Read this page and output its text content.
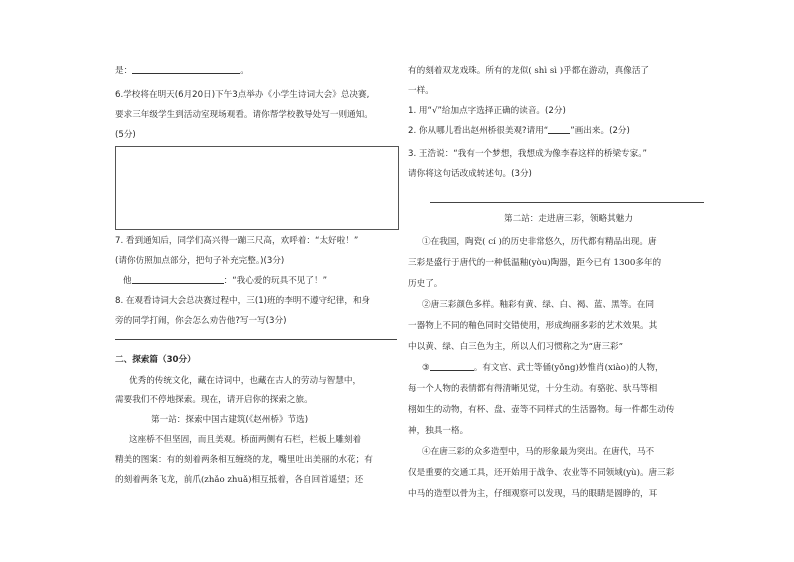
是：	。
6.学校将在明天(6月20日)下午3点举办《小学生诗词大会》总决赛,
要求三年级学生到活动室现场观看。请你帮学校教导处写一则通知。
(5分)
7. 看到通知后，同学们高兴得一蹦三尺高，欢呼着：“太好啦！”
(请你仿照加点部分，把句子补充完整。)(3分)
他	：“我心爱的玩具不见了！”
8. 在观看诗词大会总决赛过程中，三(1)班的李明不遵守纪律，和身
旁的同学打闹，你会怎么劝告他?写一写(3分)
二、探索篇（30分）
优秀的传统文化，藏在诗词中，也藏在古人的劳动与智慧中，
需要我们不停地探索。现在，请开启你的探索之旅。
第一站：探索中国古建筑(《赵州桥》节选)
这座桥不但坚固，而且美观。桥面两侧有石栏，栏板上雕刻着
精美的图案：有的刻着两条相互缠绕的龙，嘴里吐出美丽的水花；有
的刻着两条飞龙，前爪(zhǎo zhuǎ)相互抵着，各自回首遥望；还
有的刻着双龙戏珠。所有的龙似( shì sì )乎都在游动，真像活了
一样。
1. 用“√”给加点字选择正确的读音。(2分)
2. 你从哪儿看出赵州桥很美观?请用“	”画出来。(2分)
3. 王浩说：“我有一个梦想，我想成为像李春这样的桥梁专家。”
请你将这句话改成转述句。(3分)
第二站：走进唐三彩，领略其魅力
①在我国，陶瓷( cí )的历史非常悠久，历代都有精品出现。唐
三彩是盛行于唐代的一种低温釉(yòu)陶器，距今已有 1300多年的
历史了。
②唐三彩颜色多样。釉彩有黄、绿、白、褐、蓝、黑等。在同
一器物上不同的釉色同时交错使用，形成绚丽多彩的艺术效果。其
中以黄、绿、白三色为主，所以人们习惯称之为“唐三彩”
③	。有文官、武士等俑(yǒng)妙惟肖(xiào)的人物，
每一个人物的表情都有得清晰见觉，十分生动。有骆驼、驮马等相
栩如生的动物，有杯、盘、壶等不同样式的生活器物。每一件都生动传
神，独具一格。
④在唐三彩的众多造型中，马的形象最为突出。在唐代，马不
仅是重要的交通工具，还开始用于战争、农业等不同领域(yù)。唐三彩
中马的造型以骨为主，仔细观察可以发现，马的眼睛是圆睁的，耳
